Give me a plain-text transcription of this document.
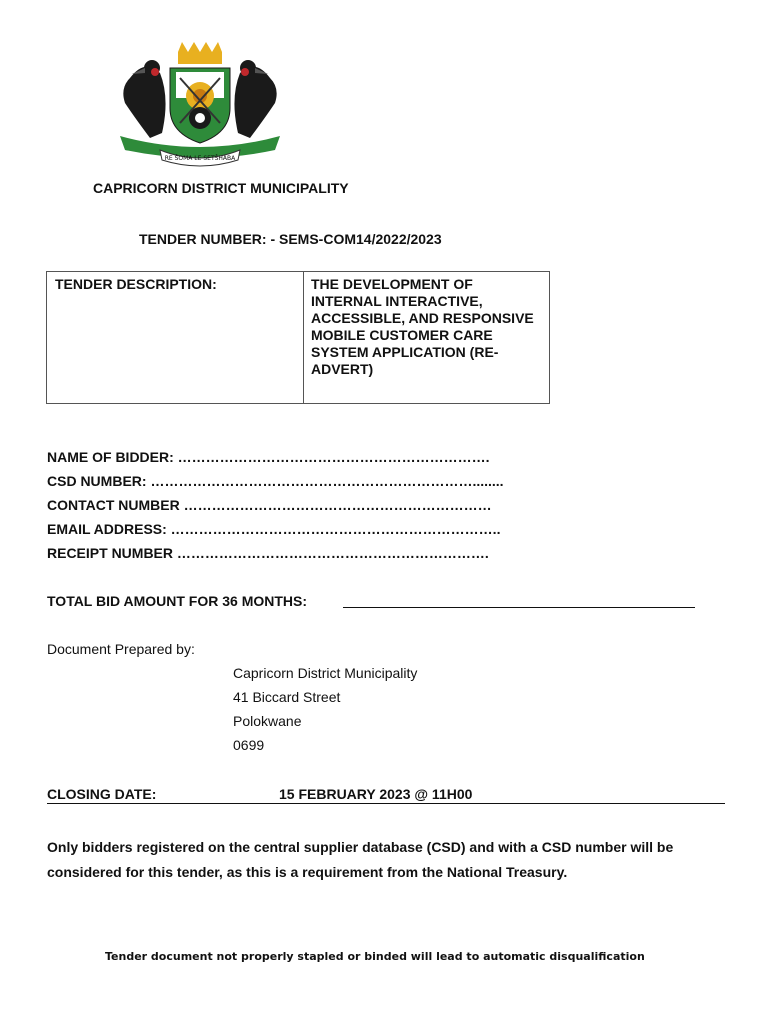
RE ŠOMA LE SETŠHABA
CAPRICORN DISTRICT MUNICIPALITY
TENDER NUMBER: - SEMS-COM14/2022/2023
TENDER DESCRIPTION:	THE DEVELOPMENT OF INTERNAL INTERACTIVE, ACCESSIBLE, AND RESPONSIVE MOBILE CUSTOMER CARE SYSTEM APPLICATION (RE-ADVERT)
NAME OF BIDDER: ………………………………………………………….
CSD NUMBER: ……………………………………………………………........
CONTACT NUMBER …………………………………………………………
EMAIL ADDRESS: ……………………………………………………………..
RECEIPT NUMBER ………………………………………………………….
TOTAL BID AMOUNT FOR 36 MONTHS:
Document Prepared by:
Capricorn District Municipality
41 Biccard Street
Polokwane
0699
CLOSING DATE:	15 FEBRUARY 2023 @ 11H00
Only bidders registered on the central supplier database (CSD) and with a CSD number will be considered for this tender, as this is a requirement from the National Treasury.
Tender document not properly stapled or binded will lead to automatic disqualification
